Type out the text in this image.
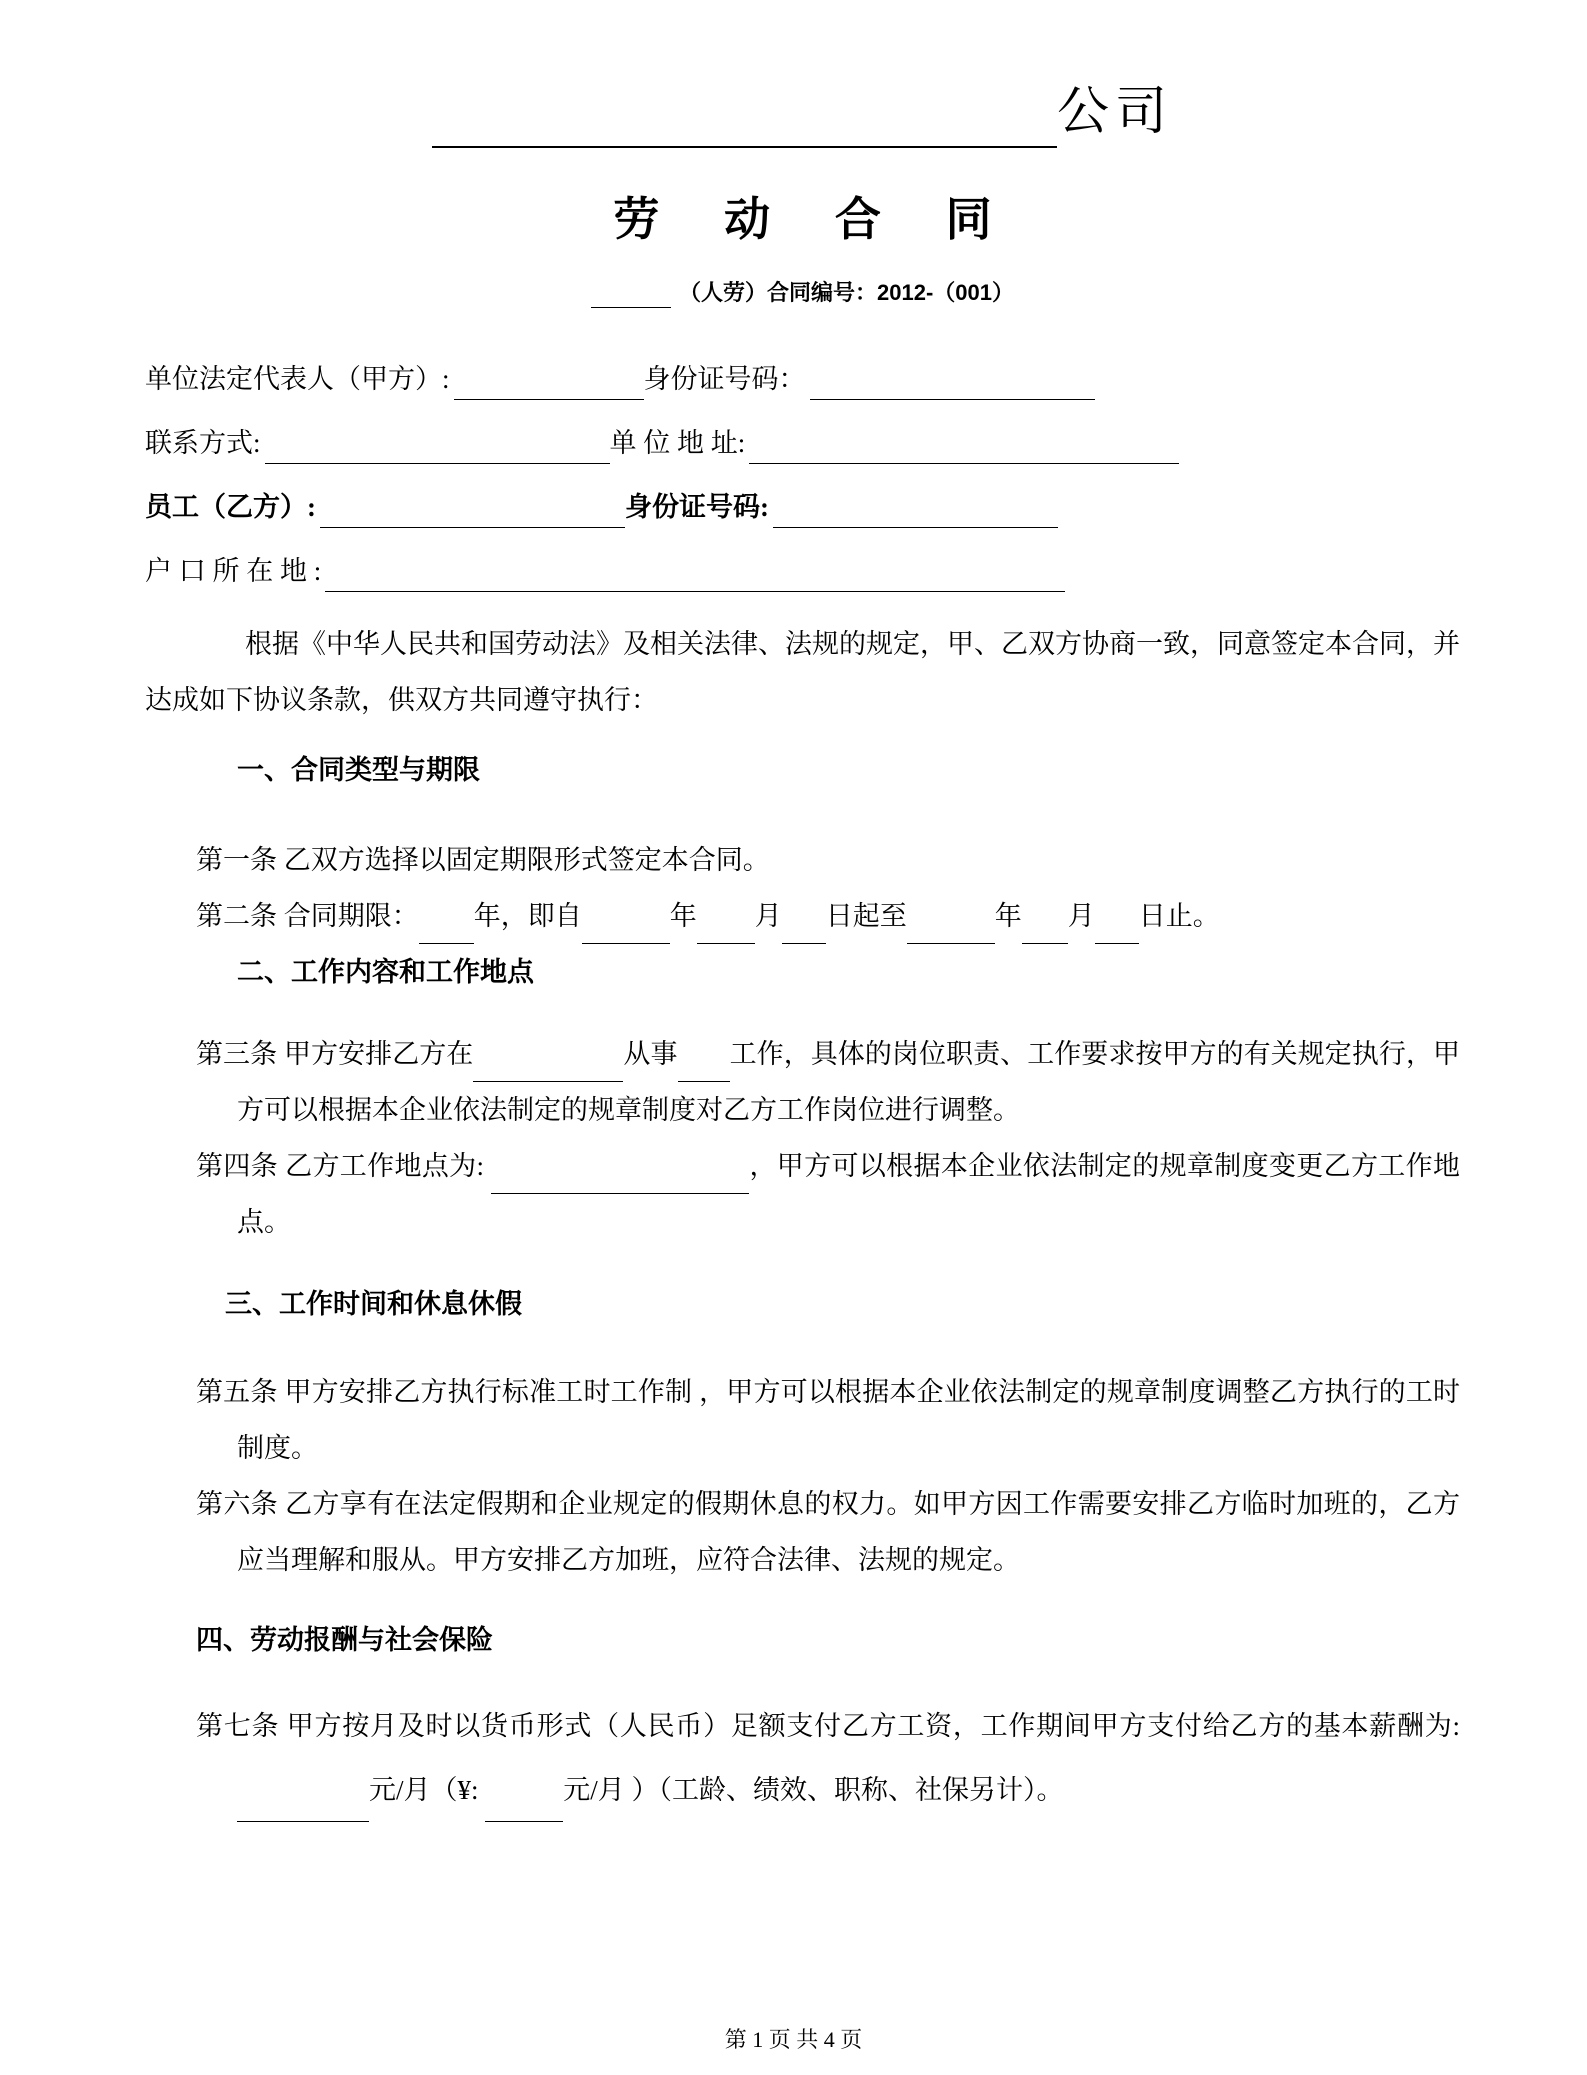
公司
劳 动 合 同
（人劳）合同编号：2012-（001）
单位法定代表人（甲方）:	身份证号码：
联系方式:	单 位 地 址:
员工（乙方）:	身份证号码:
户 口 所 在 地 :

根据《中华人民共和国劳动法》及相关法律、法规的规定，甲、乙双方协商一致，同意签定本合同，并达成如下协议条款，供双方共同遵守执行：

一、合同类型与期限

第一条 乙双方选择以固定期限形式签定本合同。

第二条 合同期限： 年，即自	年 月 日起至	年 月 日止。

二、工作内容和工作地点

第三条 甲方安排乙方在	从事 工作，具体的岗位职责、工作要求按甲方的有关规定执行，甲方可以根据本企业依法制定的规章制度对乙方工作岗位进行调整。

第四条 乙方工作地点为:	，甲方可以根据本企业依法制定的规章制度变更乙方工作地点。

三、工作时间和休息休假

第五条 甲方安排乙方执行标准工时工作制 ，甲方可以根据本企业依法制定的规章制度调整乙方执行的工时制度。

第六条 乙方享有在法定假期和企业规定的假期休息的权力。如甲方因工作需要安排乙方临时加班的，乙方应当理解和服从。甲方安排乙方加班，应符合法律、法规的规定。

四、劳动报酬与社会保险

第七条 甲方按月及时以货币形式（人民币）足额支付乙方工资，工作期间甲方支付给乙方的基本薪酬为: 元/月（¥:	元/月 ）（工龄、绩效、职称、社保另计）。

第 1 页 共 4 页
